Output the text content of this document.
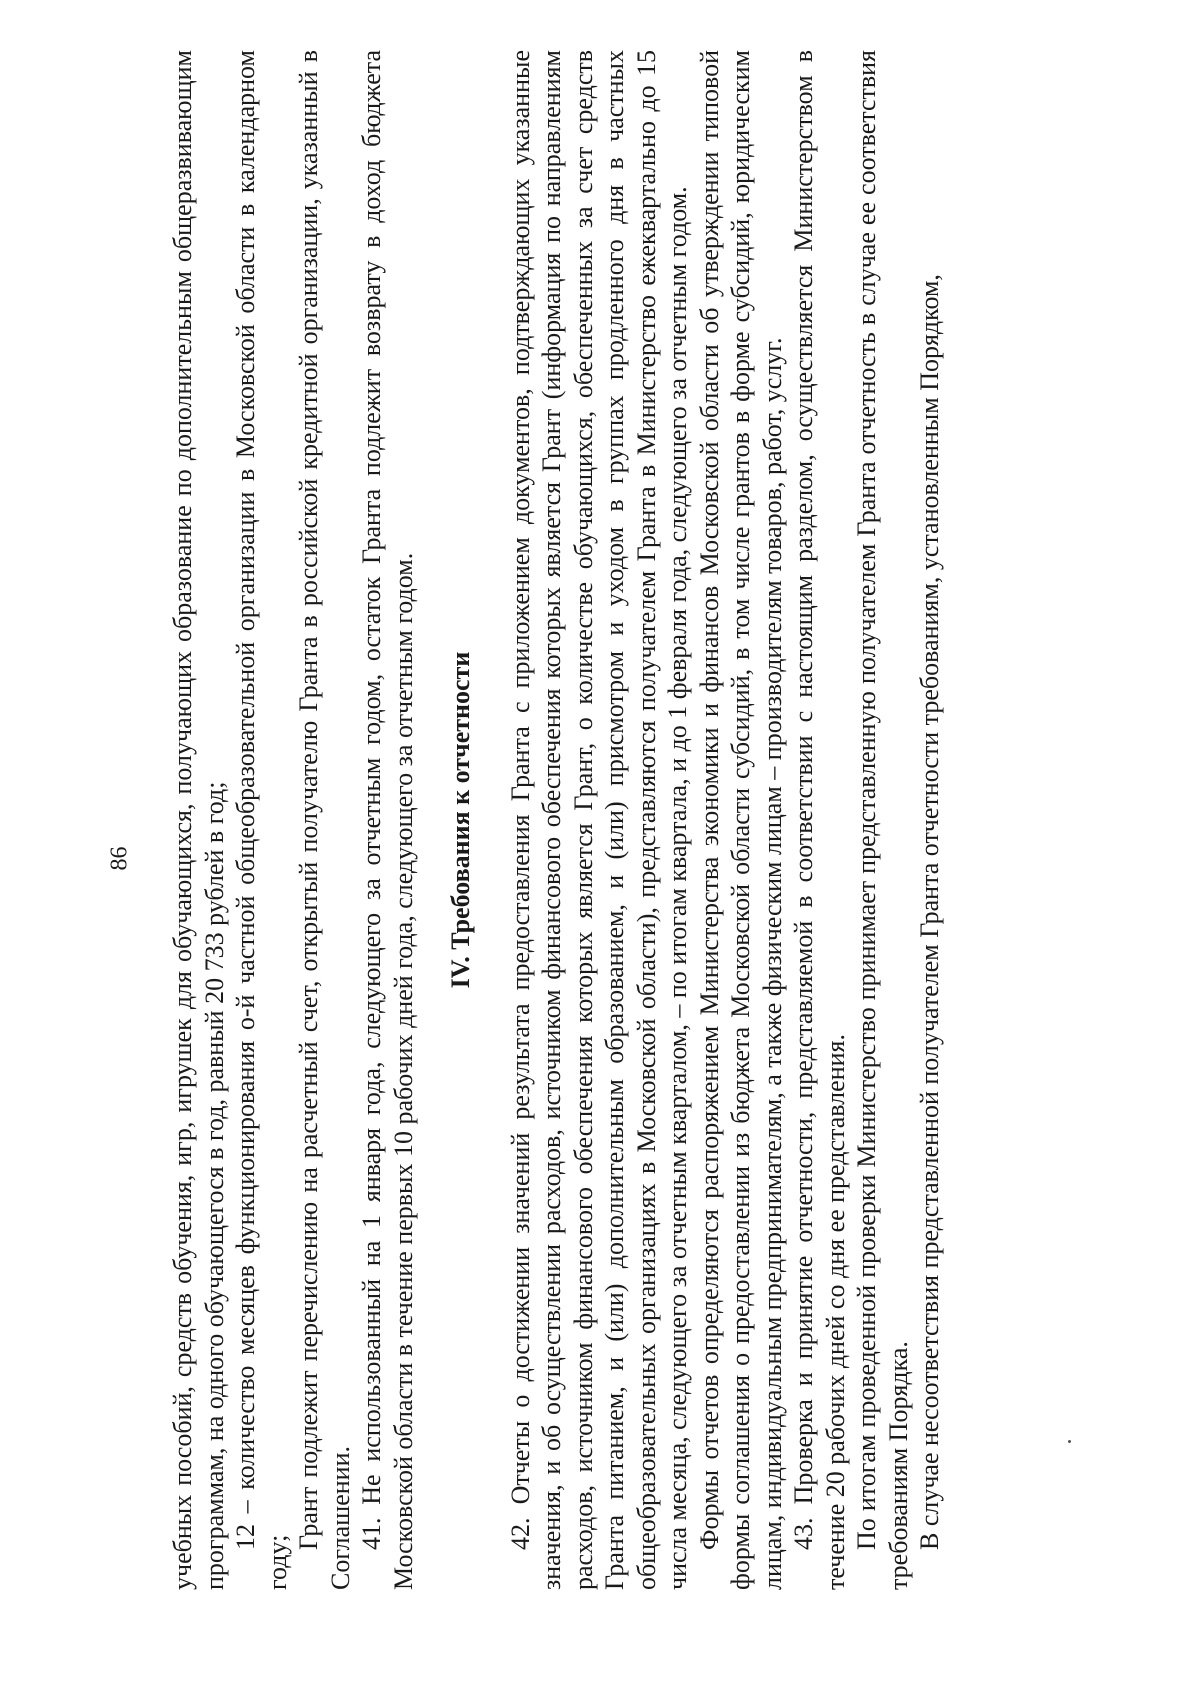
86 учебных пособий, средств обучения, игр, игрушек для обучающихся, получающих образование по дополнительным общеразвивающим программам, на одного обучающегося в год, равный 20 733 рублей в год; 12 – количество месяцев функционирования о-й частной общеобразовательной организации в Московской области в календарном году;

Грант подлежит перечислению на расчетный счет, открытый получателю Гранта в российской кредитной организации, указанный в Соглашении. 41. Не использованный на 1 января года, следующего за отчетным годом, остаток Гранта подлежит возврату в доход бюджета Московской области в течение первых 10 рабочих дней года, следующего за отчетным годом. IV. Требования к отчетности 42. Отчеты о достижении значений результата предоставления Гранта с приложением документов, подтверждающих указанные значения, и об осуществлении расходов, источником финансового обеспечения которых является Грант (информация по направлениям расходов, источником финансового обеспечения которых является Грант, о количестве обучающихся, обеспеченных за счет средств Гранта питанием, и (или) дополнительным образованием, и (или) присмотром и уходом в группах продленного дня в частных общеобразовательных организациях в Московской области), представляются получателем Гранта в Министерство ежеквартально до 15 числа месяца, следующего за отчетным кварталом, – по итогам квартала, и до 1 февраля года, следующего за отчетным годом. Формы отчетов определяются распоряжением Министерства экономики и финансов Московской области об утверждении типовой формы соглашения о предоставлении из бюджета Московской области субсидий, в том числе грантов в форме субсидий, юридическим лицам, индивидуальным предпринимателям, а также физическим лицам – производителям товаров, работ, услуг. 43. Проверка и принятие отчетности, представляемой в соответствии с настоящим разделом, осуществляется Министерством в течение 20 рабочих дней со дня ее представления. По итогам проведенной проверки Министерство принимает представленную получателем Гранта отчетность в случае ее соответствия требованиям Порядка. В случае несоответствия представленной получателем Гранта отчетности требованиям, установленным Порядком,
